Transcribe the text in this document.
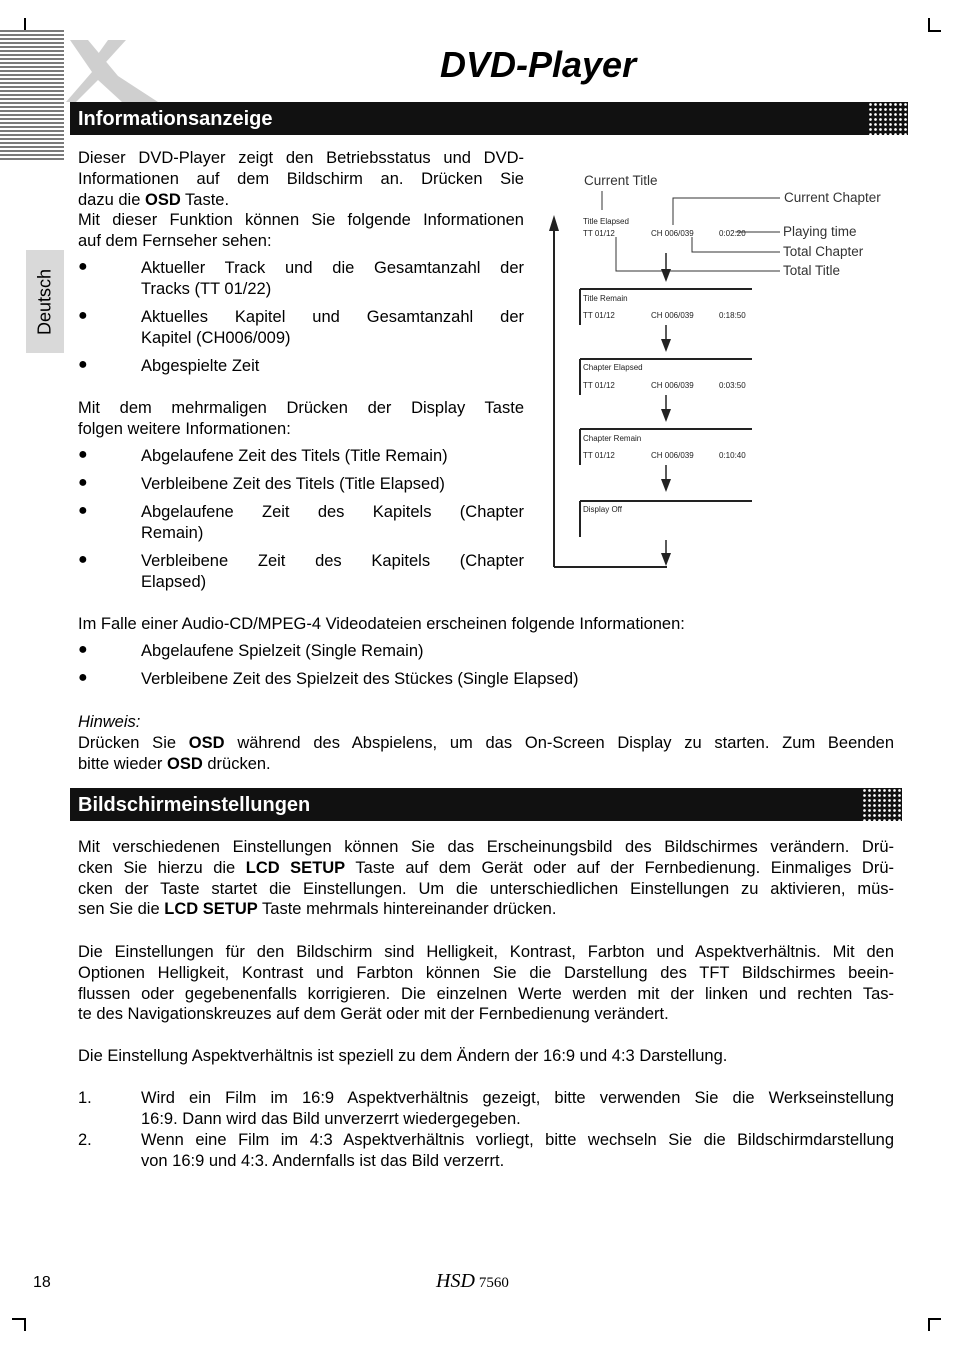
DVD-Player
Deutsch
Informationsanzeige
Dieser DVD-Player zeigt den Betriebsstatus und DVD-
Informationen auf dem Bildschirm an. Drücken Sie
dazu die OSD Taste.
Mit dieser Funktion können Sie folgende Informationen
auf dem Fernseher sehen:
●	Aktueller Track und die Gesamtanzahl der
Tracks (TT 01/22)
●	Aktuelles Kapitel und Gesamtanzahl der
Kapitel (CH006/009)
●	Abgespielte Zeit
Mit dem mehrmaligen Drücken der Display Taste
folgen weitere Informationen:
●	Abgelaufene Zeit des Titels (Title Remain)
●	Verbleibene Zeit des Titels (Title Elapsed)
●	Abgelaufene Zeit des Kapitels (Chapter
Remain)
●	Verbleibene Zeit des Kapitels (Chapter
Elapsed)
Current Title
Current Chapter
Playing time
Total Chapter
Total Title
Title Elapsed
TT 01/12	CH 006/039	0:02:20
Title Remain
TT 01/12	CH 006/039	0:18:50
Chapter Elapsed
TT 01/12	CH 006/039	0:03:50
Chapter Remain
TT 01/12	CH 006/039	0:10:40
Display Off
Im Falle einer Audio-CD/MPEG-4 Videodateien erscheinen folgende Informationen:
●	Abgelaufene Spielzeit (Single Remain)
●	Verbleibene Zeit des Spielzeit des Stückes (Single Elapsed)
Hinweis:
Drücken Sie OSD während des Abspielens, um das On-Screen Display zu starten. Zum Beenden
bitte wieder OSD drücken.
Bildschirmeinstellungen
Mit verschiedenen Einstellungen können Sie das Erscheinungsbild des Bildschirmes verändern. Drü-
cken Sie hierzu die LCD SETUP Taste auf dem Gerät oder auf der Fernbedienung. Einmaliges Drü-
cken der Taste startet die Einstellungen. Um die unterschiedlichen Einstellungen zu aktivieren, müs-
sen Sie die LCD SETUP Taste mehrmals hintereinander drücken.
Die Einstellungen für den Bildschirm sind Helligkeit, Kontrast, Farbton und Aspektverhältnis. Mit den
Optionen Helligkeit, Kontrast und Farbton können Sie die Darstellung des TFT Bildschirmes beein-
flussen oder gegebenenfalls korrigieren. Die einzelnen Werte werden mit der linken und rechten Tas-
te des Navigationskreuzes auf dem Gerät oder mit der Fernbedienung verändert.
Die Einstellung Aspektverhältnis ist speziell zu dem Ändern der 16:9 und 4:3 Darstellung.
1.	Wird ein Film im 16:9 Aspektverhältnis gezeigt, bitte verwenden Sie die Werkseinstellung
16:9. Dann wird das Bild unverzerrt wiedergegeben.
2.	Wenn eine Film im 4:3 Aspektverhältnis vorliegt, bitte wechseln Sie die Bildschirmdarstellung
von 16:9 und 4:3. Andernfalls ist das Bild verzerrt.
18	HSD 7560
